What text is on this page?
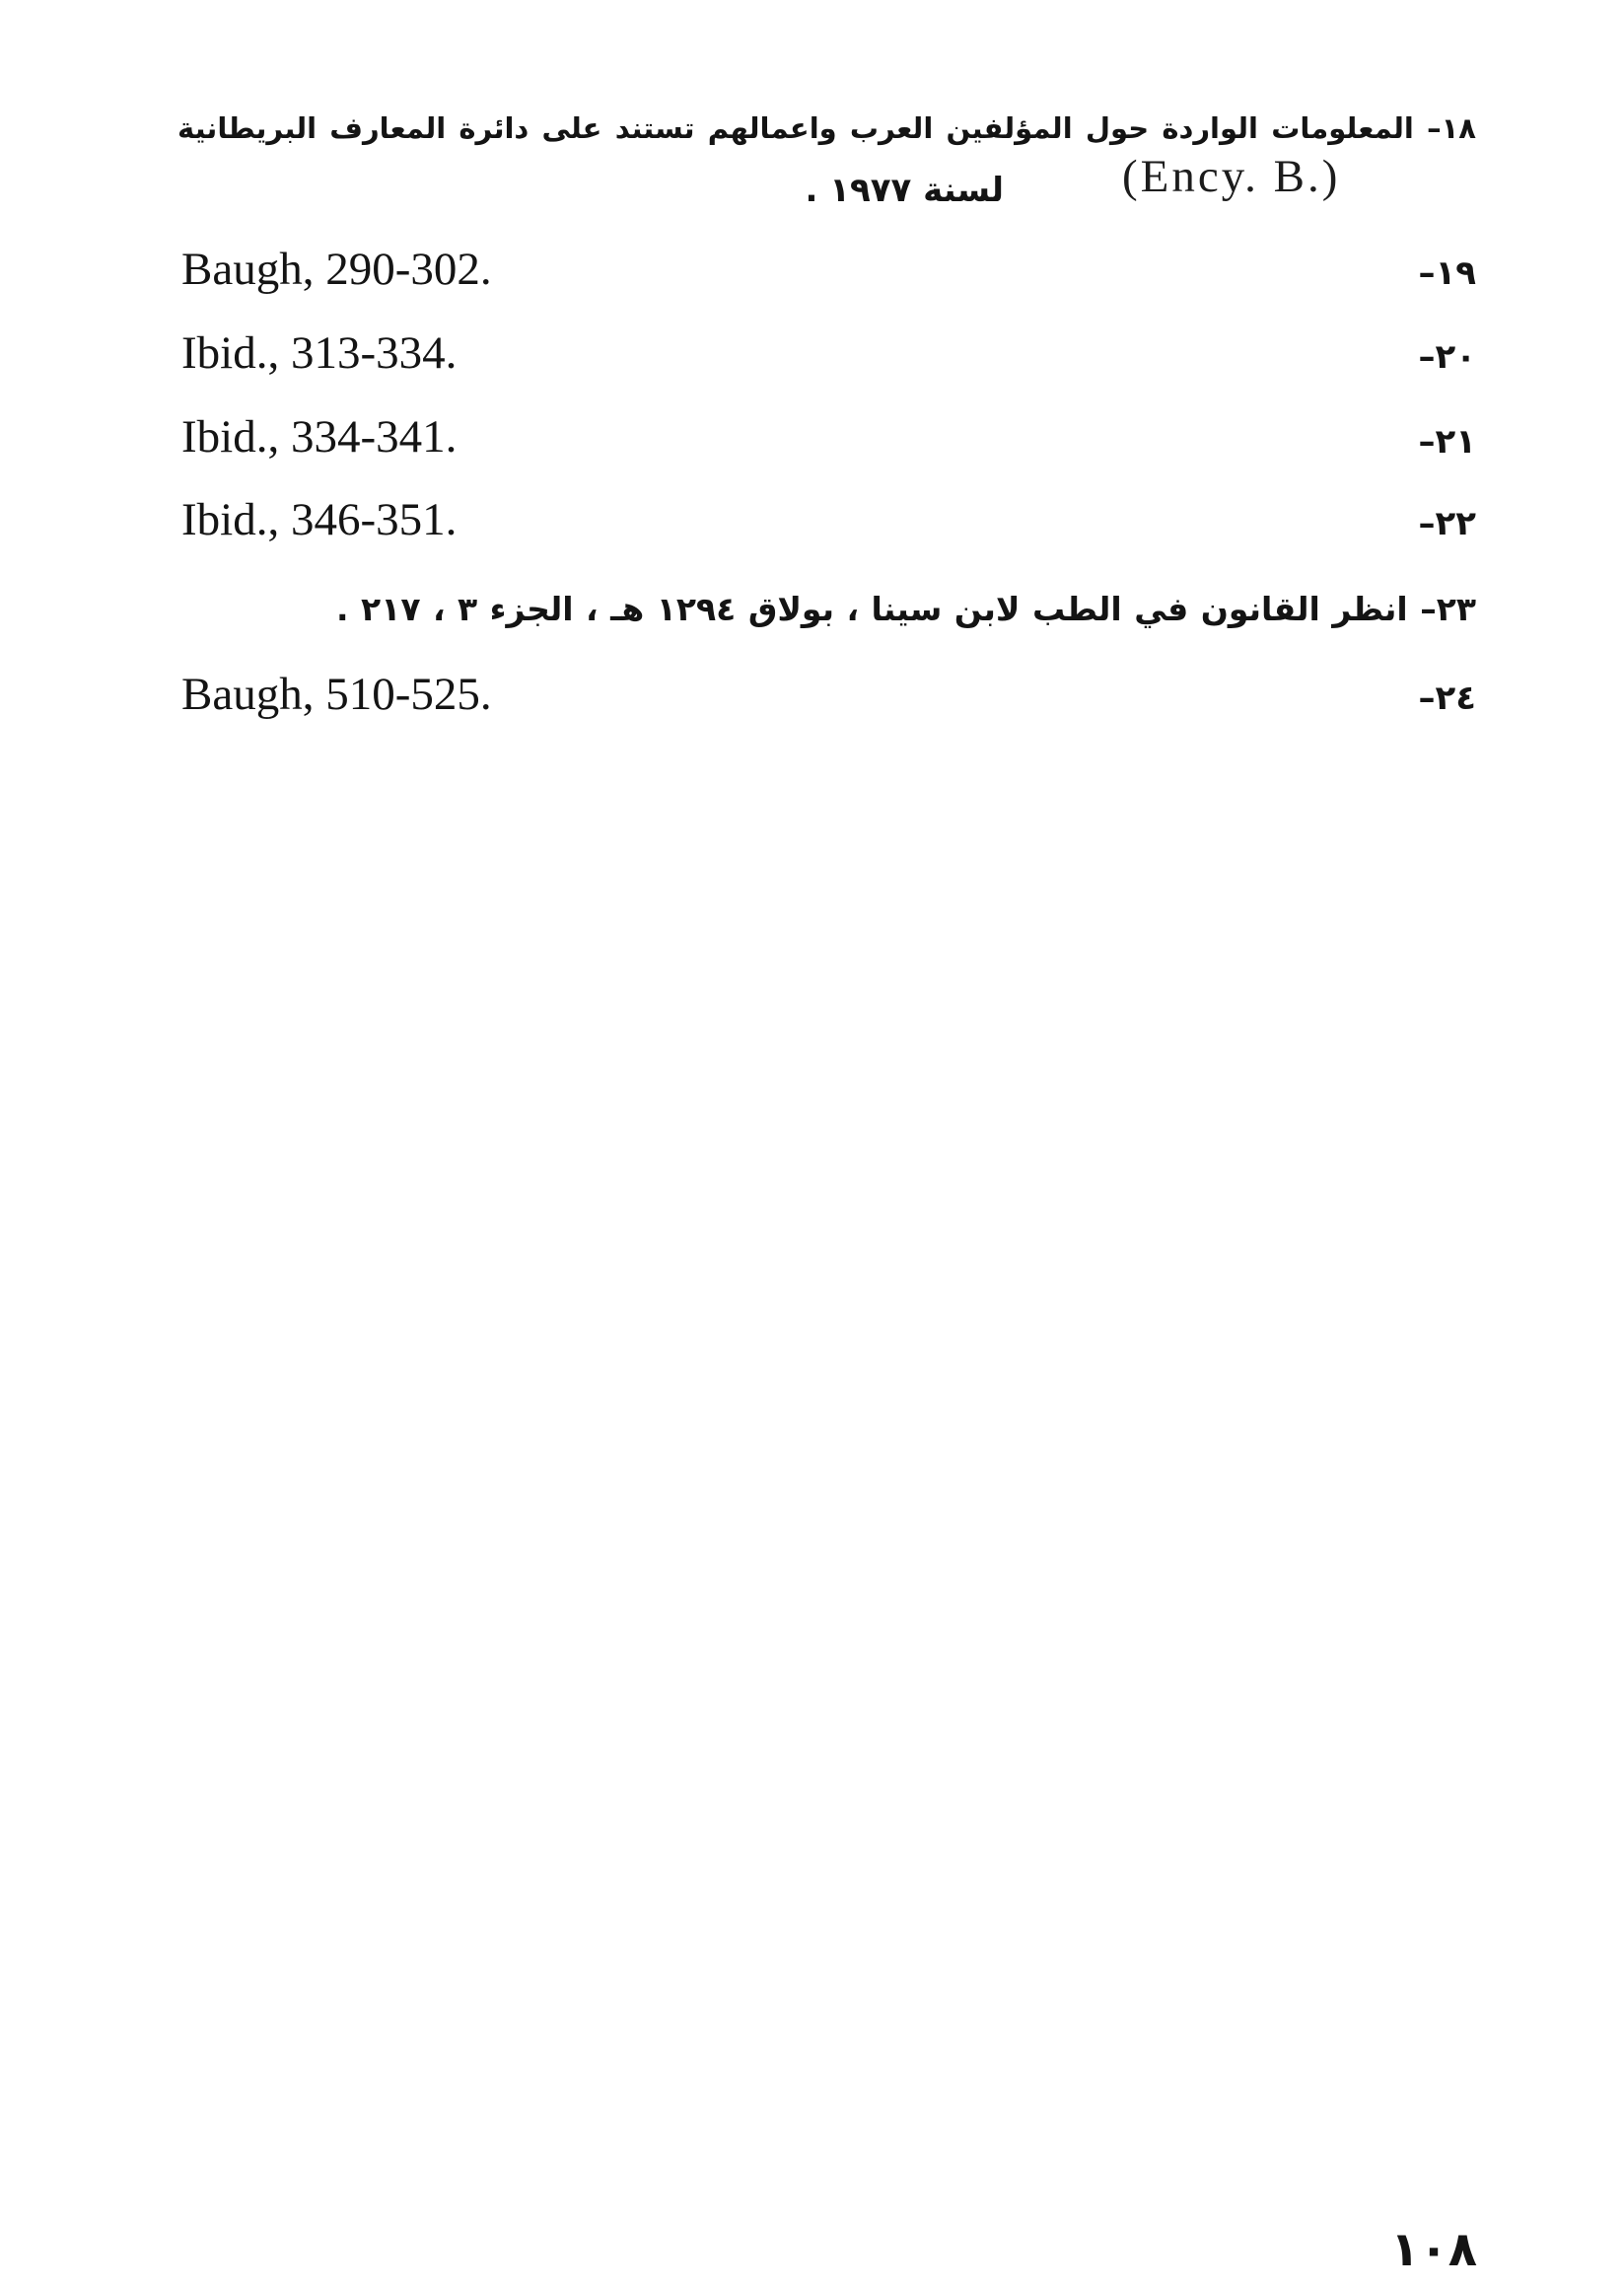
١٨– المعلومات الواردة حول المؤلفين العرب واعمالهم تستند على دائرة المعارف البريطانية
(Ency. B.)
لسنة ١٩٧٧ .
Baugh, 290-302.	١٩–
Ibid., 313-334.	٢٠–
Ibid., 334-341.	٢١–
Ibid., 346-351.	٢٢–
٢٣– انظر القانون في الطب لابن سينا ، بولاق ١٢٩٤ هـ ، الجزء ٣ ، ٢١٧ .
Baugh, 510-525.	٢٤–
١٠٨
